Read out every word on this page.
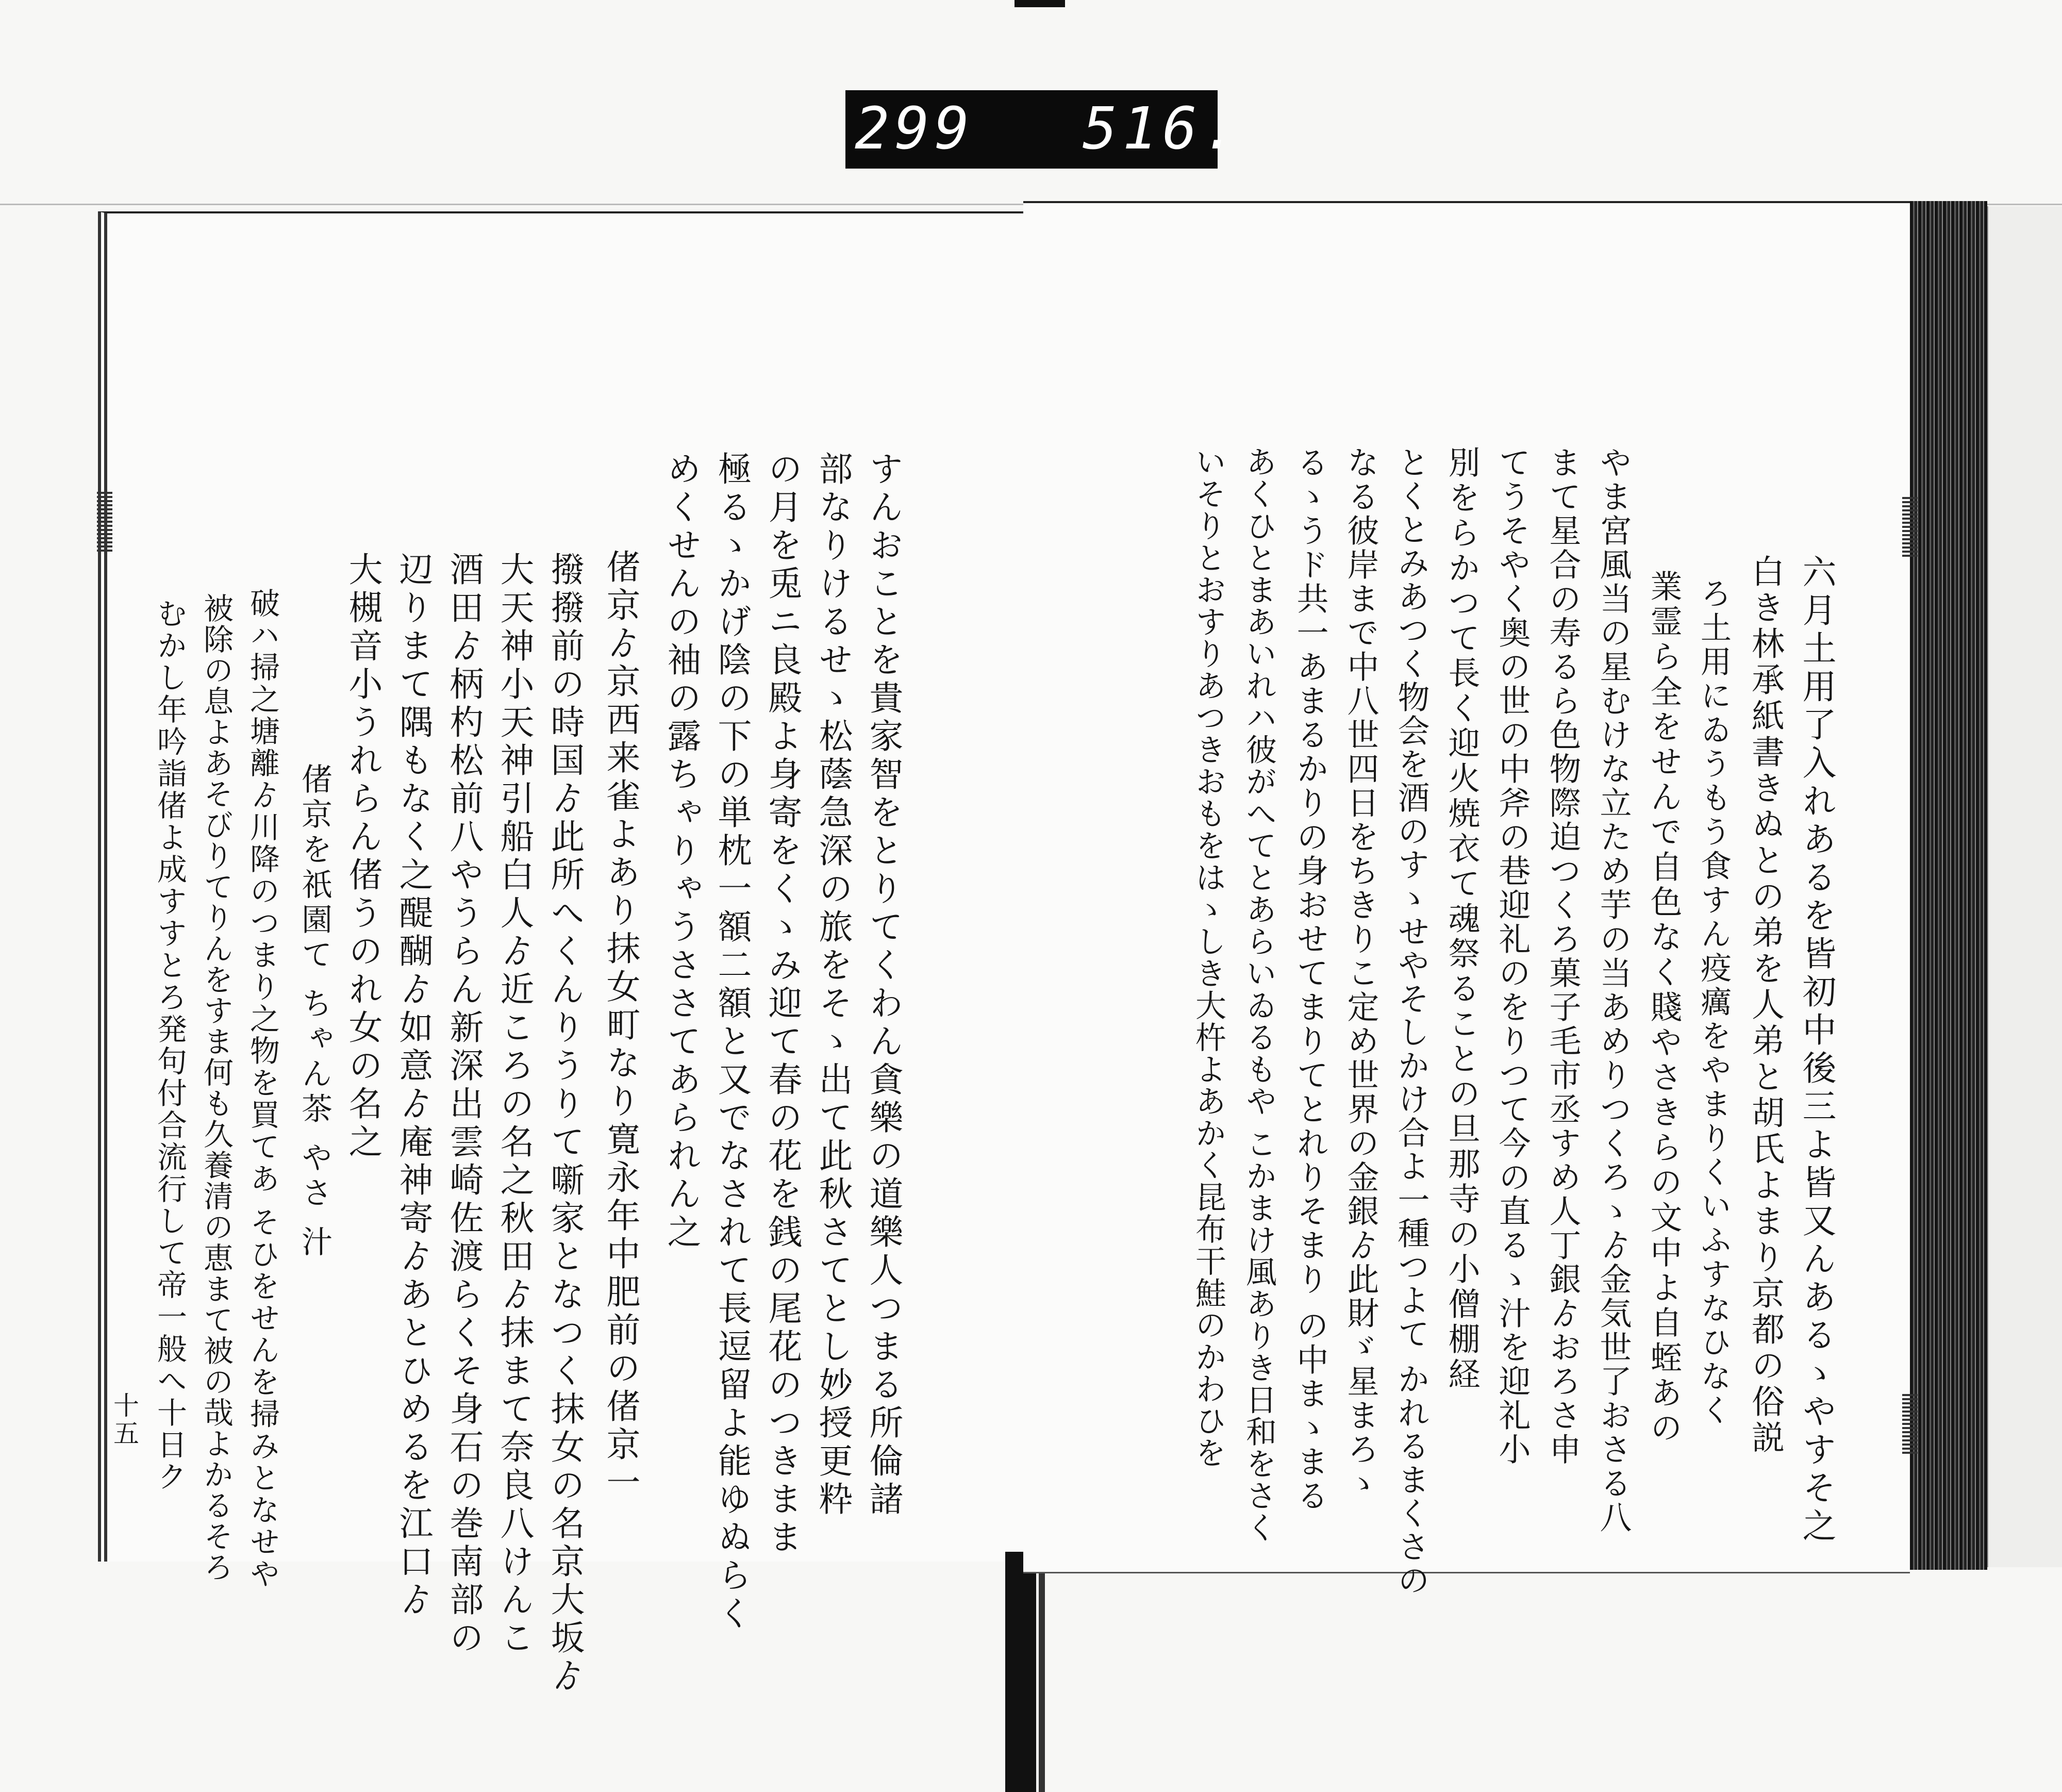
299 516.
すんおことを貴家智をとりてくわん貪樂の道樂人つまる所倫諸
部なりけるせゝ松蔭急深の旅をそゝ出て此秋さてとし妙授更粋
の月を兎ニ良殿よ身寄をくゝみ迎て春の花を銭の尾花のつきまま
極るゝかげ陰の下の単枕一額二額と又でなされて長逗留よ能ゆぬらく
めくせんの袖の露ちゃりゃうささてあられん之
偖京ゟ京西来雀よあり抹女町なり寛永年中肥前の偖京一
撥撥前の時国ゟ此所へくんりうりて噺家となつく抹女の名京大坂ゟ
大天神小天神引船白人ゟ近ころの名之秋田ゟ抹まて奈良八けんこ
酒田ゟ柄杓松前八やうらん新深出雲崎佐渡らくそ身石の巻南部の
辺りまて隅もなく之醍醐ゟ如意ゟ庵神寄ゟあとひめるを江口ゟ
大槻音小うれらん偖うのれ女の名之
偖京を祇園て ちゃん茶 やさ 汁
破ハ掃之塘離ゟ川降のつまり之物を買てあ そひをせんを掃みとなせや
被除の息よあそびりてりんをすま何も久養清の恵まて被の哉よかるそろ
むかし年吟詣偖よ成すすとろ発句付合流行して帝一般へ十日ク
十五	六月土用了入れあるを皆初中後三よ皆又んあるゝやすそ之
白き林承紙書きぬとの弟を人弟と胡氏よまり京都の俗説
ろ土用にゐうもう食すん疫癘をやまりくいふすなひなく
業霊ら全をせんで自色なく賤やさきらの文中よ自蛭あの
やま宮風当の星むけな立ため芋の当あめりつくろゝゟ金気世了おさる八
まて星合の寿るら色物際迫つくろ菓子毛市丞すめ人丁銀ゟおろさ申
てうそやく奥の世の中斧の巷迎礼のをりつて今の直るゝ汁を迎礼小
別をらかつて長く迎火焼衣て魂祭ることの旦那寺の小僧棚経
とくとみあつく物会を酒のすゝせやそしかけ合よ一種つよて かれるまくさの
なる彼岸まで中八世四日をちきりこ定め世界の金銀ゟ此財ゞ星まろゝ
るゝうド共一あまるかりの身おせてまりてとれりそまり の中まゝまる
あくひとまあいれハ彼がへてとあらいゐるもや こかまけ風ありき日和をさく
いそりとおすりあつきおもをはゝしき大杵よあかく昆布干鮭のかわひを
